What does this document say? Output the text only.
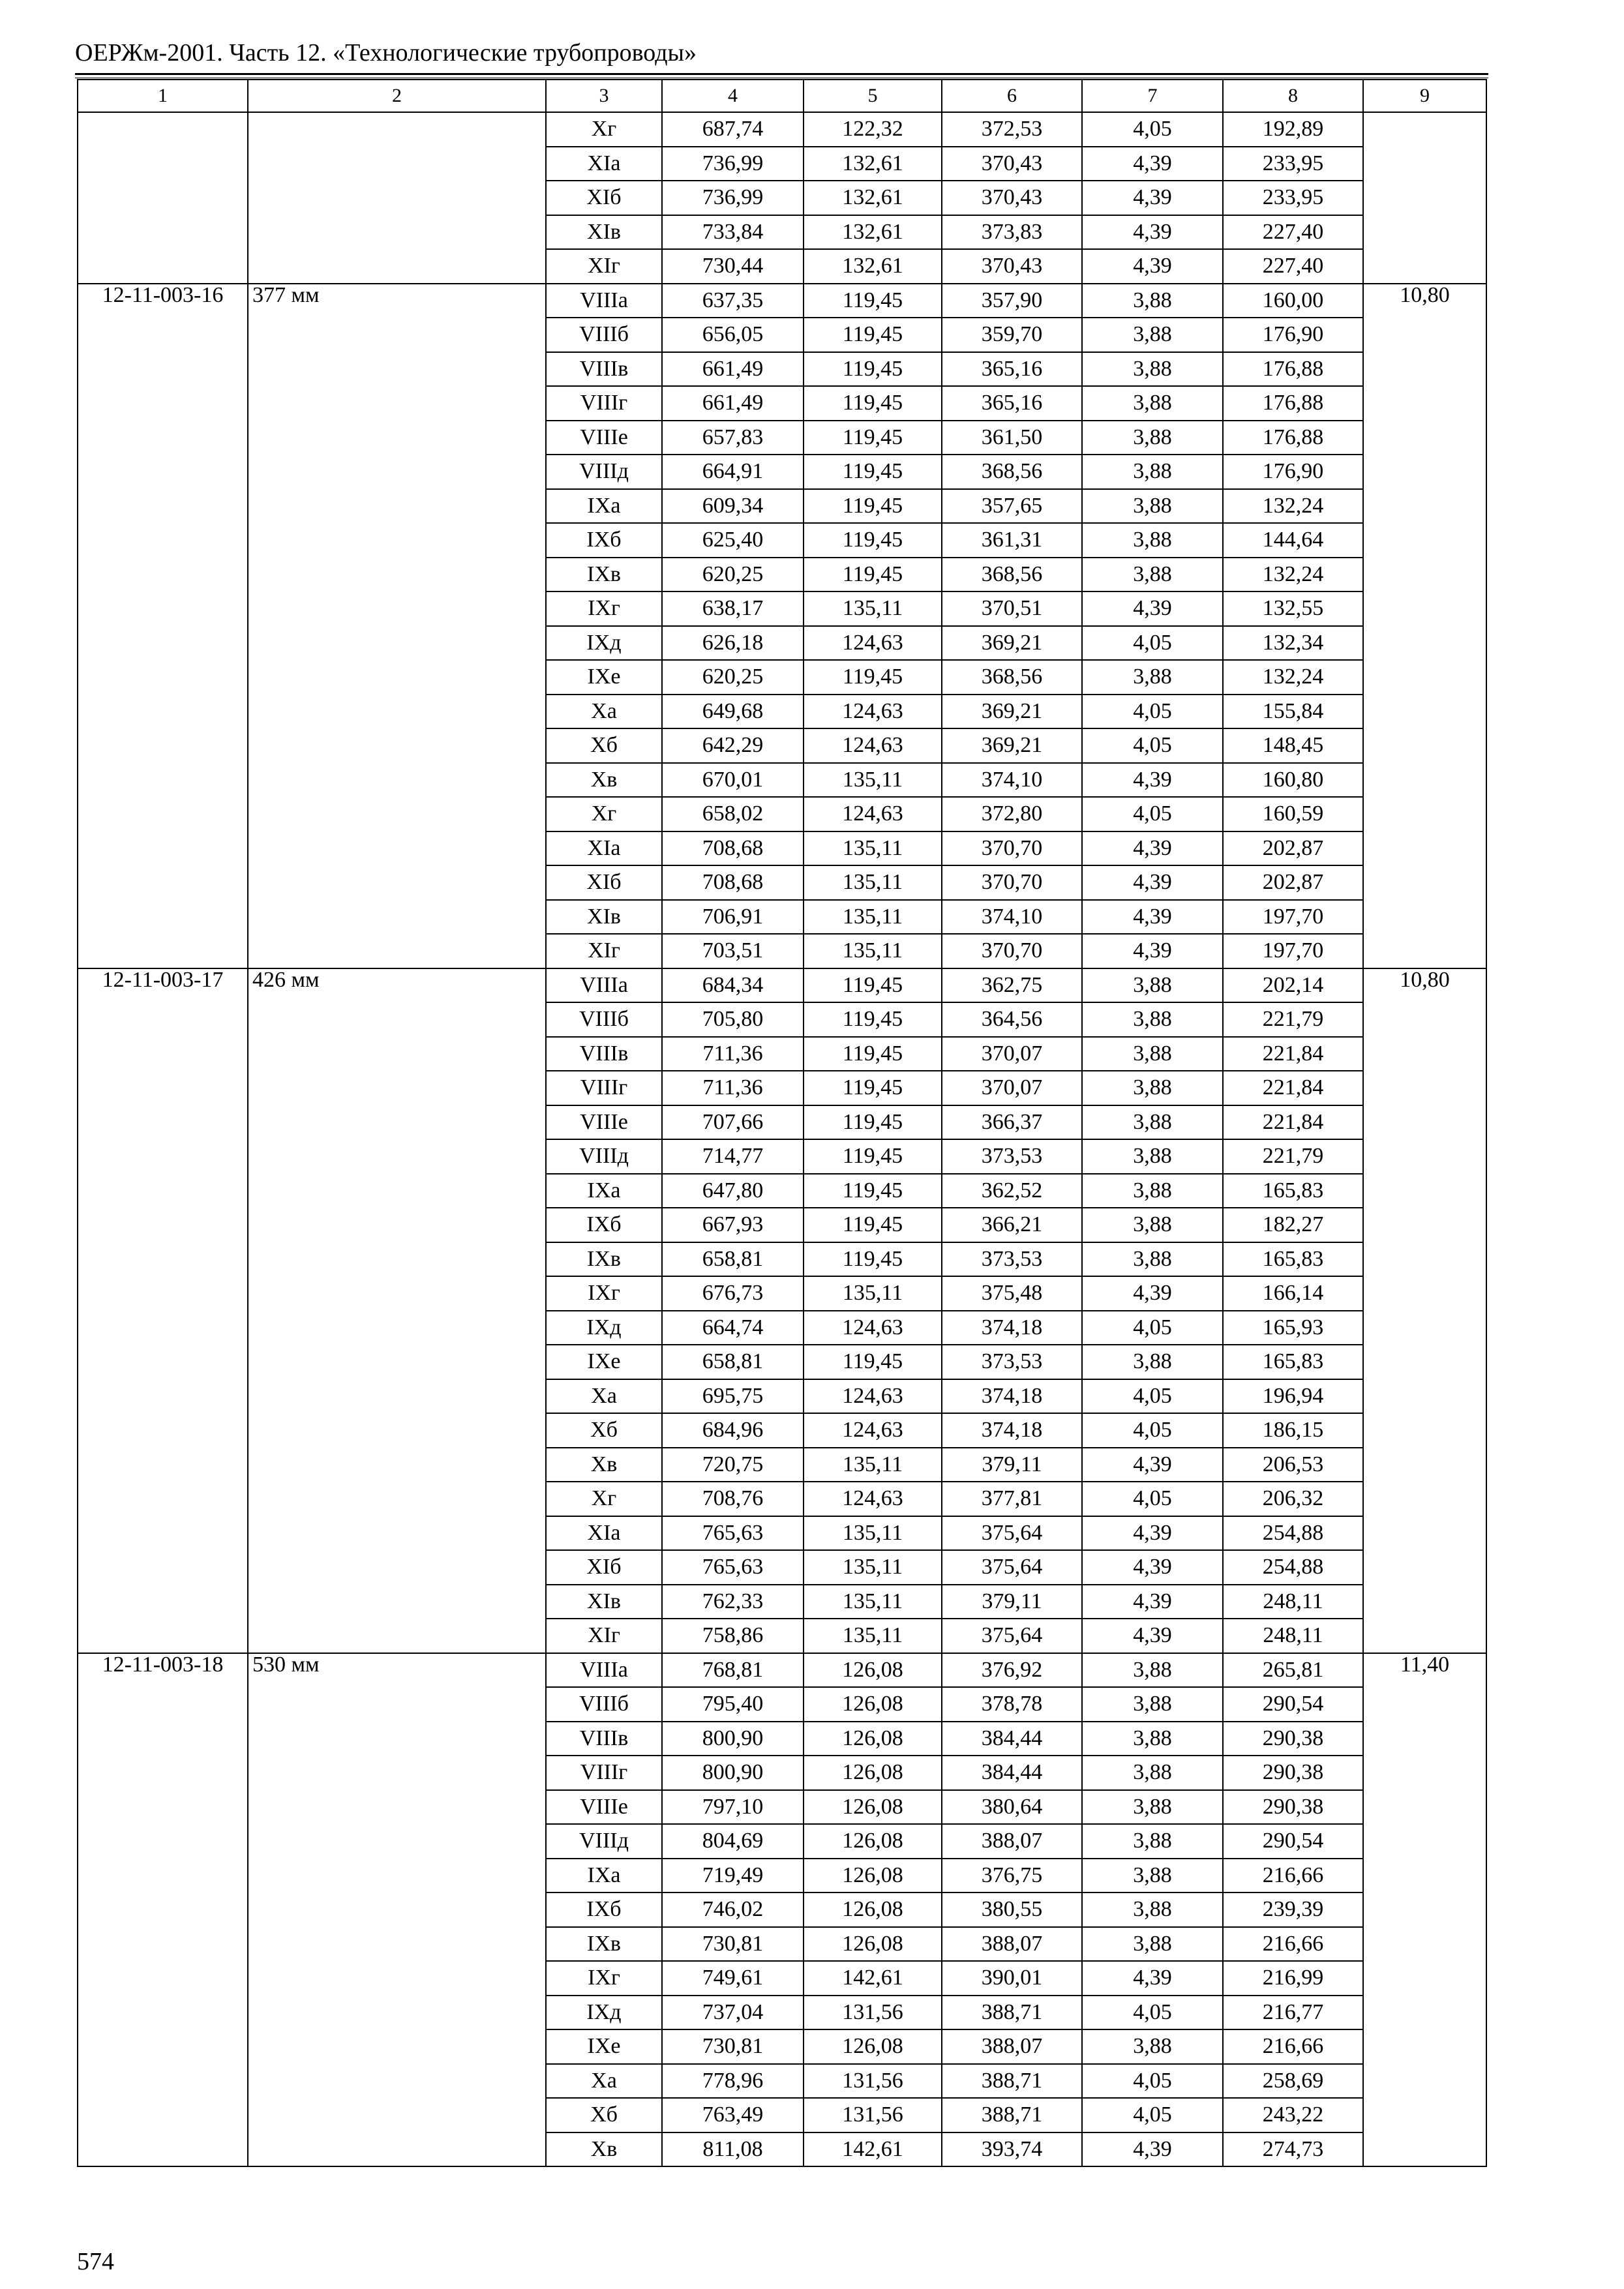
ОЕРЖм-2001. Часть 12. «Технологические трубопроводы»
1	2	3	4	5	6	7	8	9
		Xг	687,74	122,32	372,53	4,05	192,89	
		XIa	736,99	132,61	370,43	4,39	233,95	
		XIб	736,99	132,61	370,43	4,39	233,95	
		XIв	733,84	132,61	373,83	4,39	227,40	
		XIг	730,44	132,61	370,43	4,39	227,40	
12-11-003-16	377 мм	VIIIа	637,35	119,45	357,90	3,88	160,00	10,80
		VIIIб	656,05	119,45	359,70	3,88	176,90	
		VIIIв	661,49	119,45	365,16	3,88	176,88	
		VIIIг	661,49	119,45	365,16	3,88	176,88	
		VIIIе	657,83	119,45	361,50	3,88	176,88	
		VIIIд	664,91	119,45	368,56	3,88	176,90	
		IXa	609,34	119,45	357,65	3,88	132,24	
		IXб	625,40	119,45	361,31	3,88	144,64	
		IXв	620,25	119,45	368,56	3,88	132,24	
		IXг	638,17	135,11	370,51	4,39	132,55	
		IXд	626,18	124,63	369,21	4,05	132,34	
		IXе	620,25	119,45	368,56	3,88	132,24	
		Xa	649,68	124,63	369,21	4,05	155,84	
		Xб	642,29	124,63	369,21	4,05	148,45	
		Xв	670,01	135,11	374,10	4,39	160,80	
		Xг	658,02	124,63	372,80	4,05	160,59	
		XIa	708,68	135,11	370,70	4,39	202,87	
		XIб	708,68	135,11	370,70	4,39	202,87	
		XIв	706,91	135,11	374,10	4,39	197,70	
		XIг	703,51	135,11	370,70	4,39	197,70	
12-11-003-17	426 мм	VIIIа	684,34	119,45	362,75	3,88	202,14	10,80
		VIIIб	705,80	119,45	364,56	3,88	221,79	
		VIIIв	711,36	119,45	370,07	3,88	221,84	
		VIIIг	711,36	119,45	370,07	3,88	221,84	
		VIIIе	707,66	119,45	366,37	3,88	221,84	
		VIIIд	714,77	119,45	373,53	3,88	221,79	
		IXa	647,80	119,45	362,52	3,88	165,83	
		IXб	667,93	119,45	366,21	3,88	182,27	
		IXв	658,81	119,45	373,53	3,88	165,83	
		IXг	676,73	135,11	375,48	4,39	166,14	
		IXд	664,74	124,63	374,18	4,05	165,93	
		IXе	658,81	119,45	373,53	3,88	165,83	
		Xa	695,75	124,63	374,18	4,05	196,94	
		Xб	684,96	124,63	374,18	4,05	186,15	
		Xв	720,75	135,11	379,11	4,39	206,53	
		Xг	708,76	124,63	377,81	4,05	206,32	
		XIa	765,63	135,11	375,64	4,39	254,88	
		XIб	765,63	135,11	375,64	4,39	254,88	
		XIв	762,33	135,11	379,11	4,39	248,11	
		XIг	758,86	135,11	375,64	4,39	248,11	
12-11-003-18	530 мм	VIIIа	768,81	126,08	376,92	3,88	265,81	11,40
		VIIIб	795,40	126,08	378,78	3,88	290,54	
		VIIIв	800,90	126,08	384,44	3,88	290,38	
		VIIIг	800,90	126,08	384,44	3,88	290,38	
		VIIIе	797,10	126,08	380,64	3,88	290,38	
		VIIIд	804,69	126,08	388,07	3,88	290,54	
		IXa	719,49	126,08	376,75	3,88	216,66	
		IXб	746,02	126,08	380,55	3,88	239,39	
		IXв	730,81	126,08	388,07	3,88	216,66	
		IXг	749,61	142,61	390,01	4,39	216,99	
		IXд	737,04	131,56	388,71	4,05	216,77	
		IXе	730,81	126,08	388,07	3,88	216,66	
		Xa	778,96	131,56	388,71	4,05	258,69	
		Xб	763,49	131,56	388,71	4,05	243,22	
		Xв	811,08	142,61	393,74	4,39	274,73	
574
